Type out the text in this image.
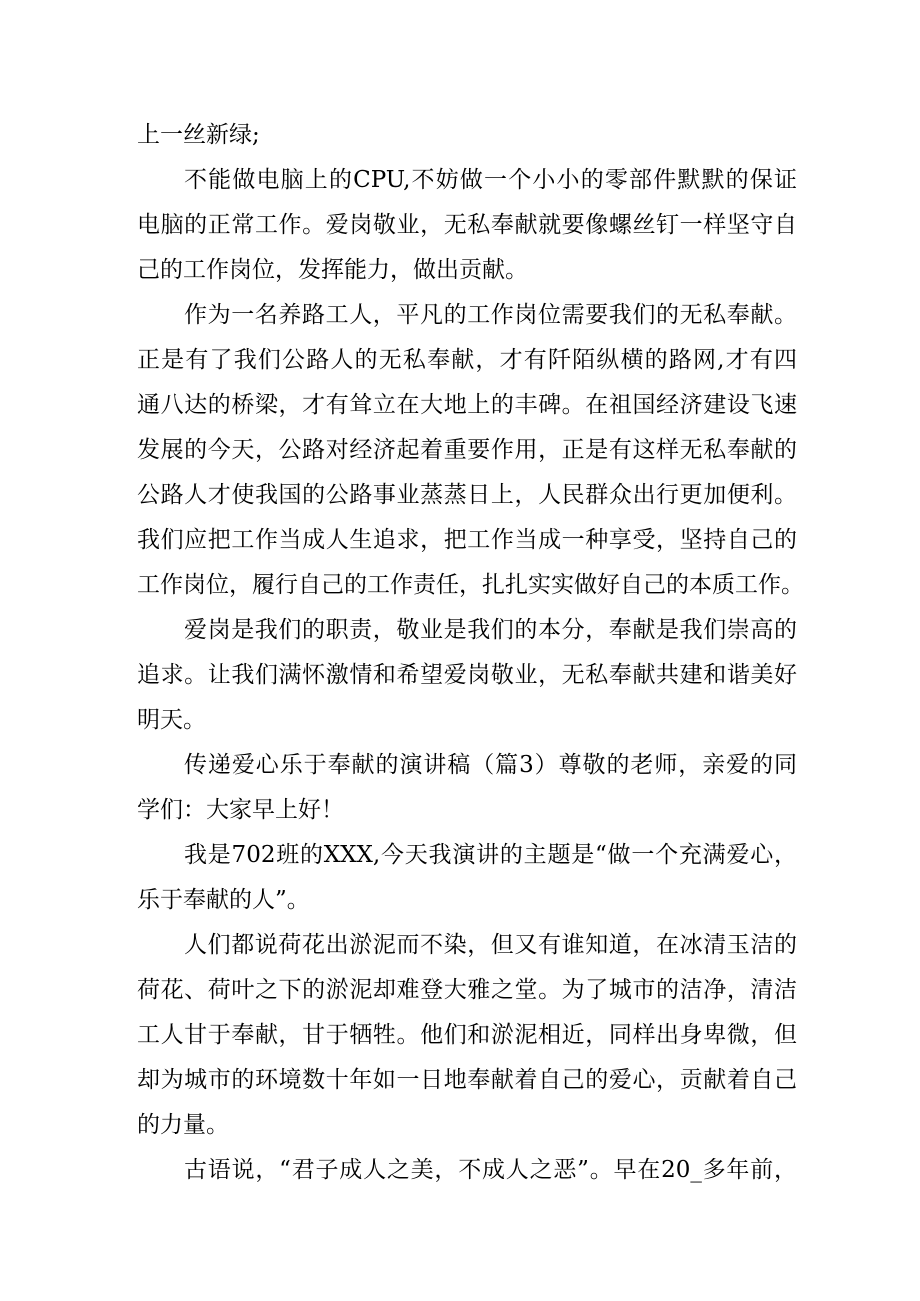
上一丝新绿;
不能做电脑上的CPU,不妨做一个小小的零部件默默的保证
电脑的正常工作。爱岗敬业，无私奉献就要像螺丝钉一样坚守自
己的工作岗位，发挥能力，做出贡献。
作为一名养路工人，平凡的工作岗位需要我们的无私奉献。
正是有了我们公路人的无私奉献，才有阡陌纵横的路网,才有四
通八达的桥梁，才有耸立在大地上的丰碑。在祖国经济建设飞速
发展的今天，公路对经济起着重要作用，正是有这样无私奉献的
公路人才使我国的公路事业蒸蒸日上，人民群众出行更加便利。
我们应把工作当成人生追求，把工作当成一种享受，坚持自己的
工作岗位，履行自己的工作责任，扎扎实实做好自己的本质工作。
爱岗是我们的职责，敬业是我们的本分，奉献是我们崇高的
追求。让我们满怀激情和希望爱岗敬业，无私奉献共建和谐美好
明天。
传递爱心乐于奉献的演讲稿（篇3）尊敬的老师，亲爱的同
学们：大家早上好！
我是702班的XXX,今天我演讲的主题是“做一个充满爱心，
乐于奉献的人”。
人们都说荷花出淤泥而不染，但又有谁知道，在冰清玉洁的
荷花、荷叶之下的淤泥却难登大雅之堂。为了城市的洁净，清洁
工人甘于奉献，甘于牺牲。他们和淤泥相近，同样出身卑微，但
却为城市的环境数十年如一日地奉献着自己的爱心，贡献着自己
的力量。
古语说，“君子成人之美，不成人之恶”。早在20_多年前，
